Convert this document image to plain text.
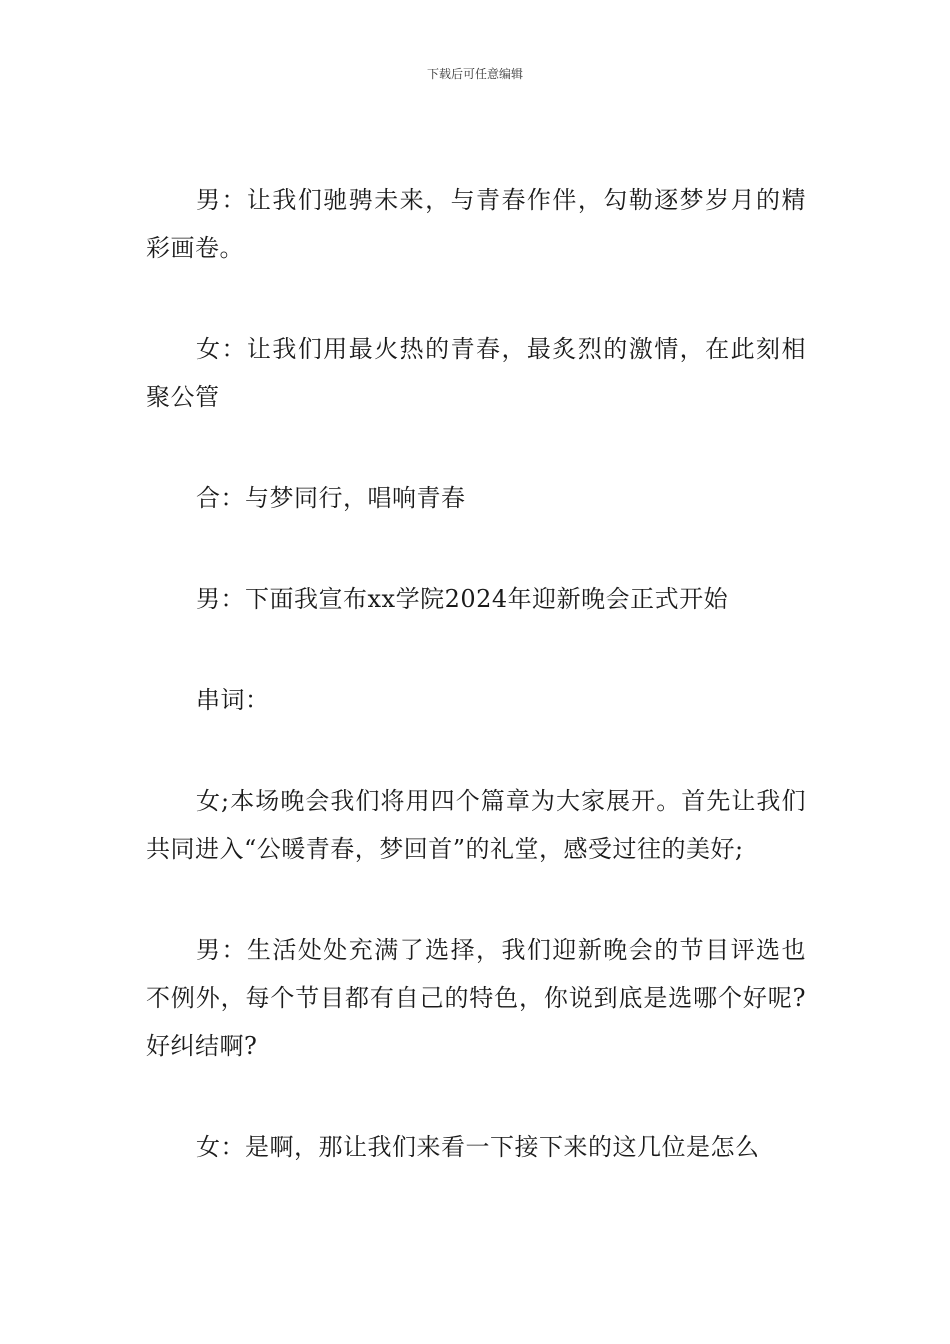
下载后可任意编辑

男：让我们驰骋未来，与青春作伴，勾勒逐梦岁月的精彩画卷。

女：让我们用最火热的青春，最炙烈的激情，在此刻相聚公管

合：与梦同行，唱响青春

男：下面我宣布xx学院2024年迎新晚会正式开始

串词：

女;本场晚会我们将用四个篇章为大家展开。首先让我们共同进入“公暖青春，梦回首”的礼堂，感受过往的美好;

男：生活处处充满了选择，我们迎新晚会的节目评选也不例外，每个节目都有自己的特色，你说到底是选哪个好呢?好纠结啊?

女：是啊，那让我们来看一下接下来的这几位是怎么
